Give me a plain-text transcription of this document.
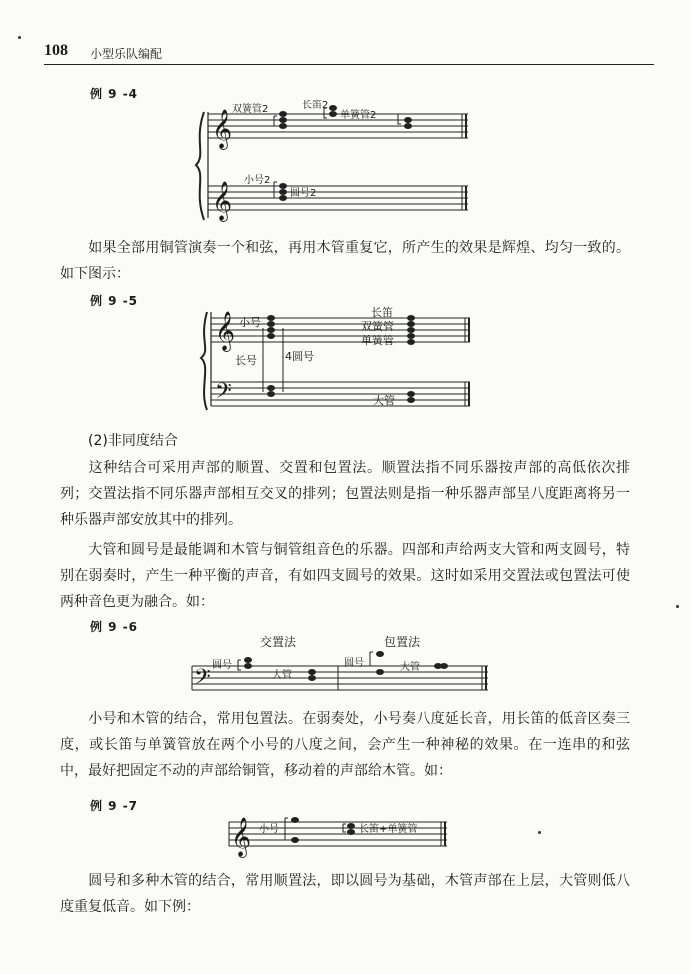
108 小型乐队编配
例 9 -4
𝄞
𝄞
双簧管2	长笛2
单簧管2
小号2
圆号2
如果全部用铜管演奏一个和弦，再用木管重复它，所产生的效果是辉煌、均匀一致的。如下图示：
例 9 -5
𝄞
𝄢
小号
长笛
双簧管
单簧管
长号	4圆号
大管
(2)非同度结合
这种结合可采用声部的顺置、交置和包置法。顺置法指不同乐器按声部的高低依次排列；交置法指不同乐器声部相互交叉的排列；包置法则是指一种乐器声部呈八度距离将另一种乐器声部安放其中的排列。
大管和圆号是最能调和木管与铜管组音色的乐器。四部和声给两支大管和两支圆号，特别在弱奏时，产生一种平衡的声音，有如四支圆号的效果。这时如采用交置法或包置法可使两种音色更为融合。如：
例 9 -6
𝄢
交置法	包置法
圆号
大管
圆号	大管
小号和木管的结合，常用包置法。在弱奏处，小号奏八度延长音，用长笛的低音区奏三度，或长笛与单簧管放在两个小号的八度之间，会产生一种神秘的效果。在一连串的和弦中，最好把固定不动的声部给铜管，移动着的声部给木管。如：
例 9 -7
𝄞 小号	长笛+单簧管
圆号和多种木管的结合，常用顺置法，即以圆号为基础，木管声部在上层，大管则低八度重复低音。如下例：
